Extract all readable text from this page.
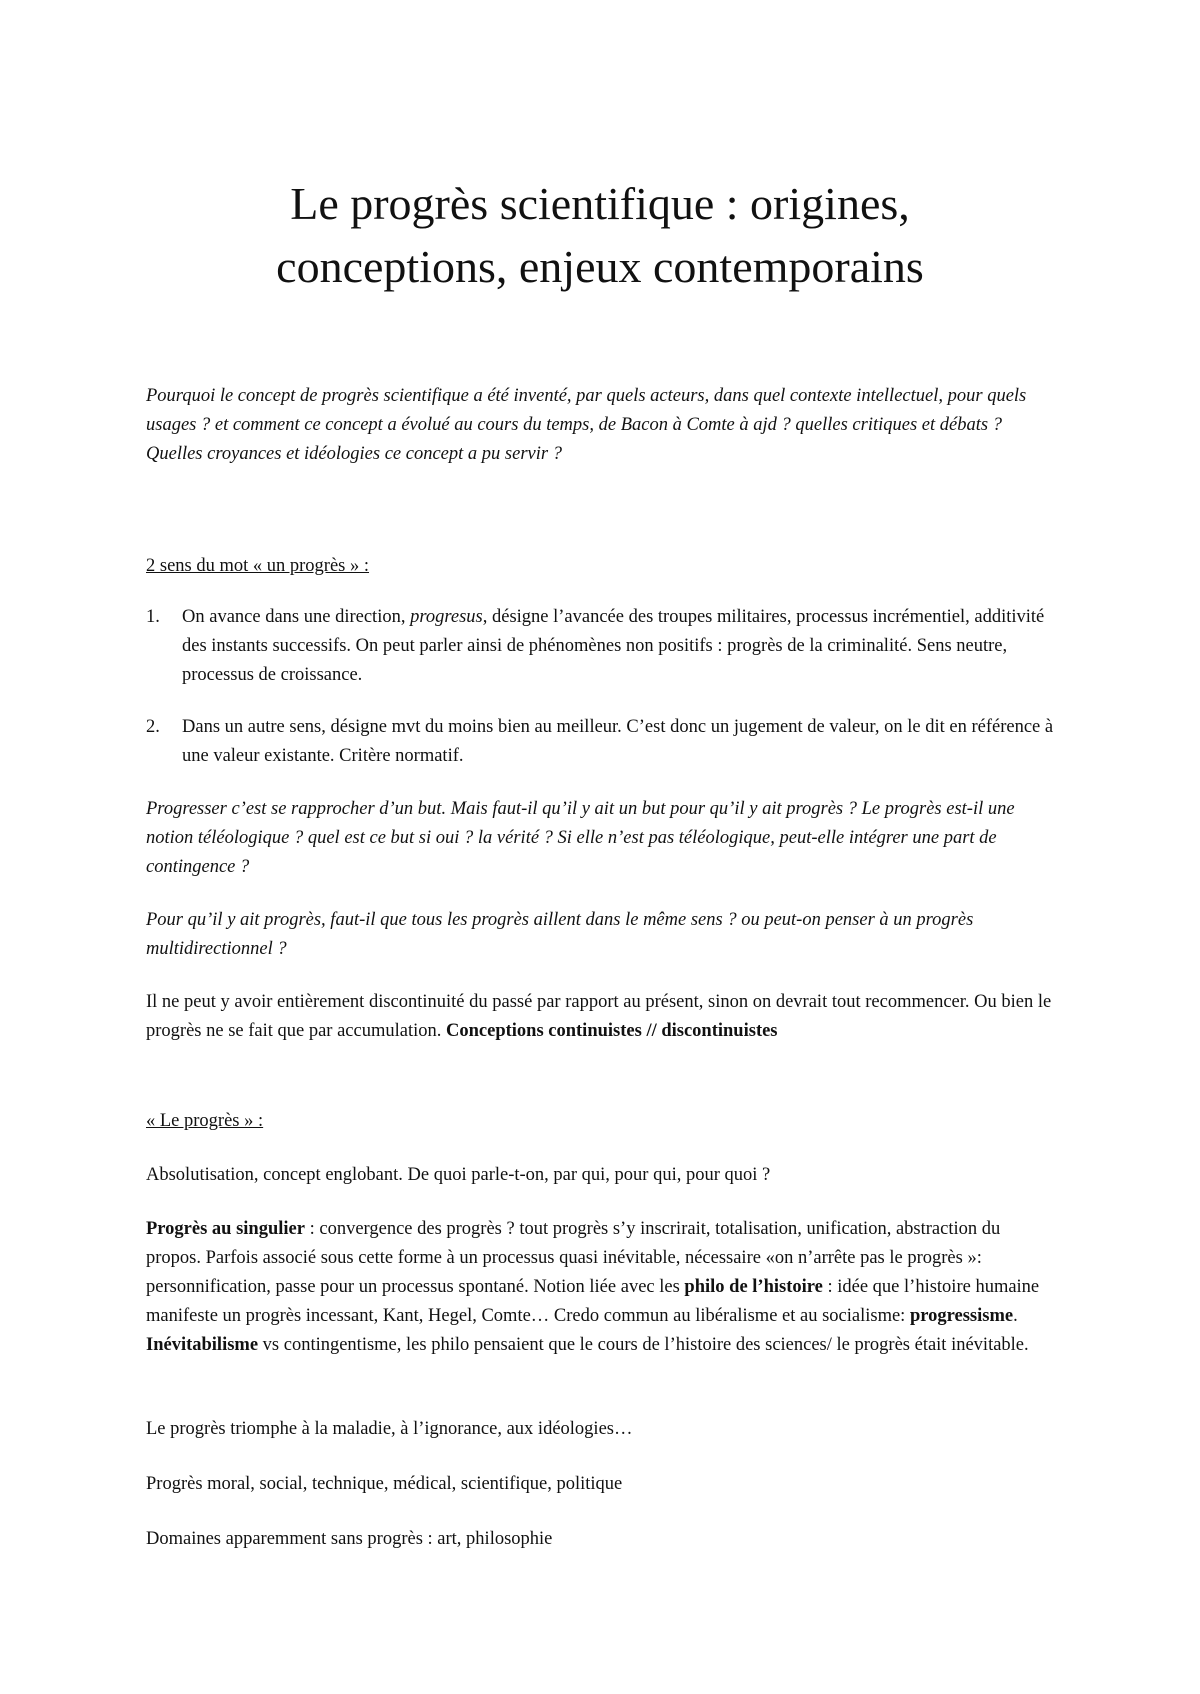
Le progrès scientifique : origines,
conceptions, enjeux contemporains

Pourquoi le concept de progrès scientifique a été inventé, par quels acteurs, dans quel contexte intellectuel, pour quels usages ? et comment ce concept a évolué au cours du temps, de Bacon à Comte à ajd ? quelles critiques et débats ? Quelles croyances et idéologies ce concept a pu servir ?

2 sens du mot « un progrès » :

1.	On avance dans une direction, progresus, désigne l’avancée des troupes militaires, processus incrémentiel, additivité des instants successifs. On peut parler ainsi de phénomènes non positifs : progrès de la criminalité. Sens neutre, processus de croissance.
2.	Dans un autre sens, désigne mvt du moins bien au meilleur. C’est donc un jugement de valeur, on le dit en référence à une valeur existante. Critère normatif.

Progresser c’est se rapprocher d’un but. Mais faut-il qu’il y ait un but pour qu’il y ait progrès ? Le progrès est-il une notion téléologique ? quel est ce but si oui ? la vérité ? Si elle n’est pas téléologique, peut-elle intégrer une part de contingence ?

Pour qu’il y ait progrès, faut-il que tous les progrès aillent dans le même sens ? ou peut-on penser à un progrès multidirectionnel ?

Il ne peut y avoir entièrement discontinuité du passé par rapport au présent, sinon on devrait tout recommencer. Ou bien le progrès ne se fait que par accumulation. Conceptions continuistes // discontinuistes

« Le progrès » :

Absolutisation, concept englobant. De quoi parle-t-on, par qui, pour qui, pour quoi ?

Progrès au singulier : convergence des progrès ? tout progrès s’y inscrirait, totalisation, unification, abstraction du propos. Parfois associé sous cette forme à un processus quasi inévitable, nécessaire «on n’arrête pas le progrès »: personnification, passe pour un processus spontané. Notion liée avec les philo de l’histoire : idée que l’histoire humaine manifeste un progrès incessant, Kant, Hegel, Comte… Credo commun au libéralisme et au socialisme: progressisme. Inévitabilisme vs contingentisme, les philo pensaient que le cours de l’histoire des sciences/ le progrès était inévitable.

Le progrès triomphe à la maladie, à l’ignorance, aux idéologies…

Progrès moral, social, technique, médical, scientifique, politique

Domaines apparemment sans progrès : art, philosophie
